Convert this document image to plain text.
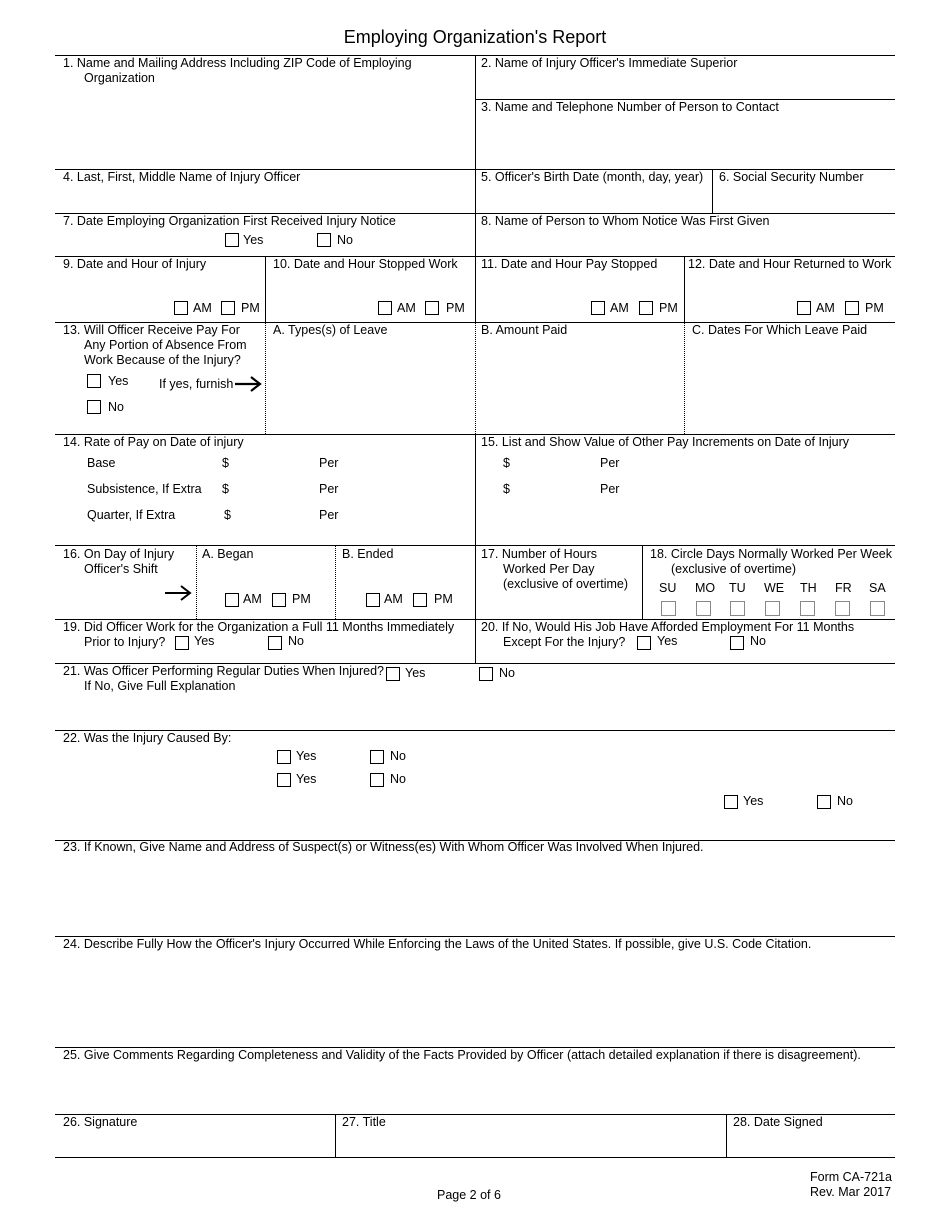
Employing Organization's Report
1. Name and Mailing Address Including ZIP Code of Employing
Organization
2. Name of Injury Officer's Immediate Superior
3. Name and Telephone Number of Person to Contact
4. Last, First, Middle Name of Injury Officer	5. Officer's Birth Date (month, day, year) 6. Social Security Number
7. Date Employing Organization First Received Injury Notice
Yes	No
8. Name of Person to Whom Notice Was First Given
9. Date and Hour of Injury
AM PM
10. Date and Hour Stopped Work
AM PM
11. Date and Hour Pay Stopped
AM PM
12. Date and Hour Returned to Work
AM PM
13. Will Officer Receive Pay For
Any Portion of Absence From
Work Because of the Injury?
Yes
No
If yes, furnish
A. Types(s) of Leave	B. Amount Paid	C. Dates For Which Leave Paid
14. Rate of Pay on Date of injury
Base	$	Per
Subsistence, If Extra $	Per
Quarter, If Extra	$	Per
15. List and Show Value of Other Pay Increments on Date of Injury
$	Per
$	Per
16. On Day of Injury
Officer's Shift
A. Began
AM PM
B. Ended
AM	PM
17. Number of Hours
Worked Per Day
(exclusive of overtime)
18. Circle Days Normally Worked Per Week
(exclusive of overtime)
SU MO TU WE TH FR SA
19. Did Officer Work for the Organization a Full 11 Months Immediately
Prior to Injury? Yes	No
20. If No, Would His Job Have Afforded Employment For 11 Months
Except For the Injury?	Yes	No
21. Was Officer Performing Regular Duties When Injured?
If No, Give Full Explanation
Yes	No
22. Was the Injury Caused By:
Yes	No
Yes	No
Yes	No
23. If Known, Give Name and Address of Suspect(s) or Witness(es) With Whom Officer Was Involved When Injured.
24. Describe Fully How the Officer's Injury Occurred While Enforcing the Laws of the United States. If possible, give U.S. Code Citation.
25. Give Comments Regarding Completeness and Validity of the Facts Provided by Officer (attach detailed explanation if there is disagreement).
26. Signature	27. Title	28. Date Signed
Form CA-721a
Rev. Mar 2017
Page 2 of 6
